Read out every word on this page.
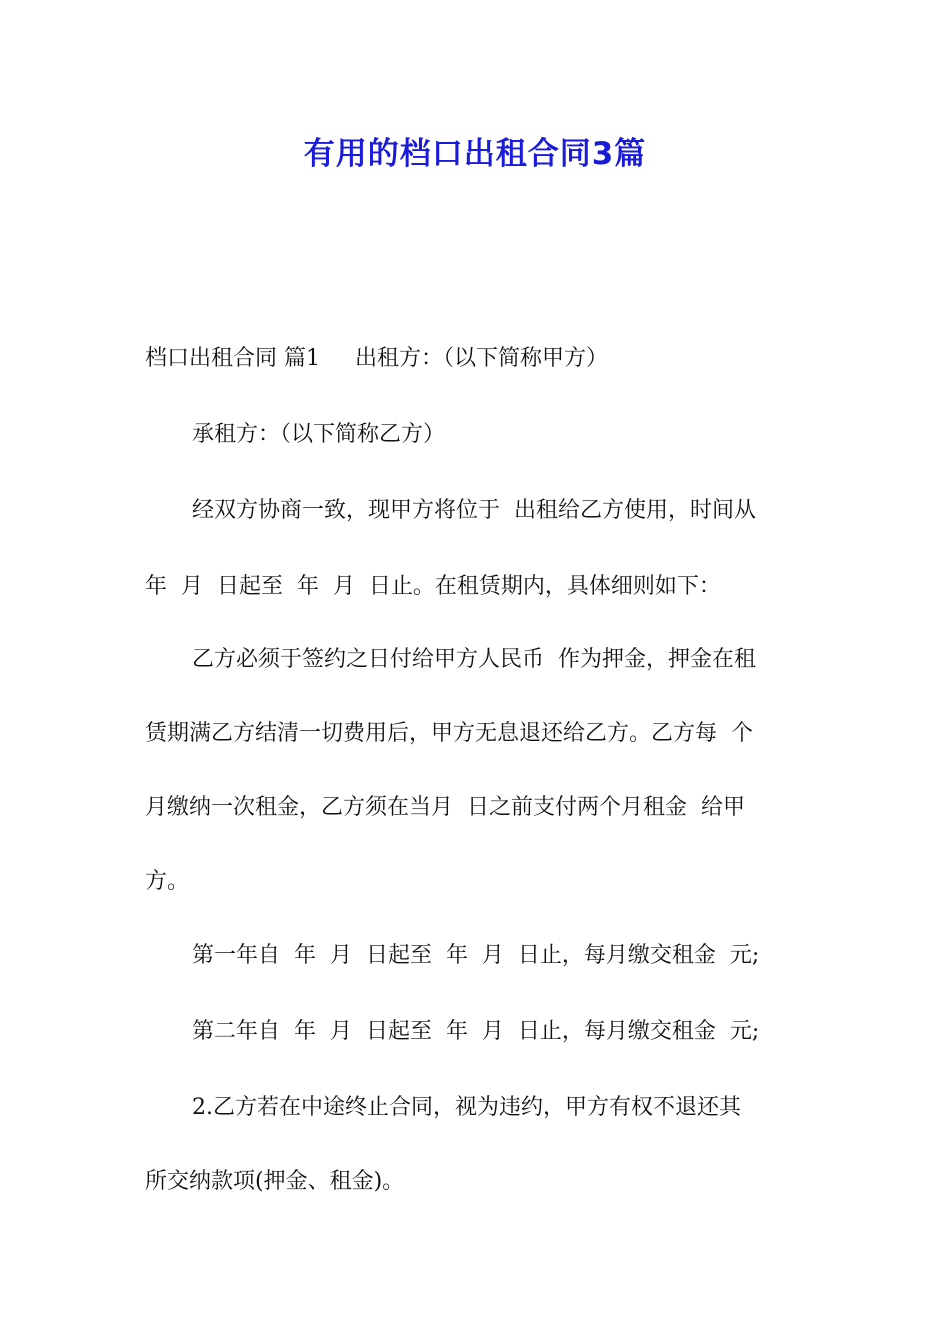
有用的档口出租合同3篇
档口出租合同 篇1     出租方：（以下简称甲方）
承租方：（以下简称乙方）
经双方协商一致，现甲方将位于  出租给乙方使用，时间从
年  月  日起至  年  月  日止。在租赁期内，具体细则如下：
乙方必须于签约之日付给甲方人民币  作为押金，押金在租
赁期满乙方结清一切费用后，甲方无息退还给乙方。乙方每  个
月缴纳一次租金，乙方须在当月  日之前支付两个月租金  给甲
方。
第一年自  年  月  日起至  年  月  日止，每月缴交租金  元;
第二年自  年  月  日起至  年  月  日止，每月缴交租金  元;
2.乙方若在中途终止合同，视为违约，甲方有权不退还其
所交纳款项(押金、租金)。
